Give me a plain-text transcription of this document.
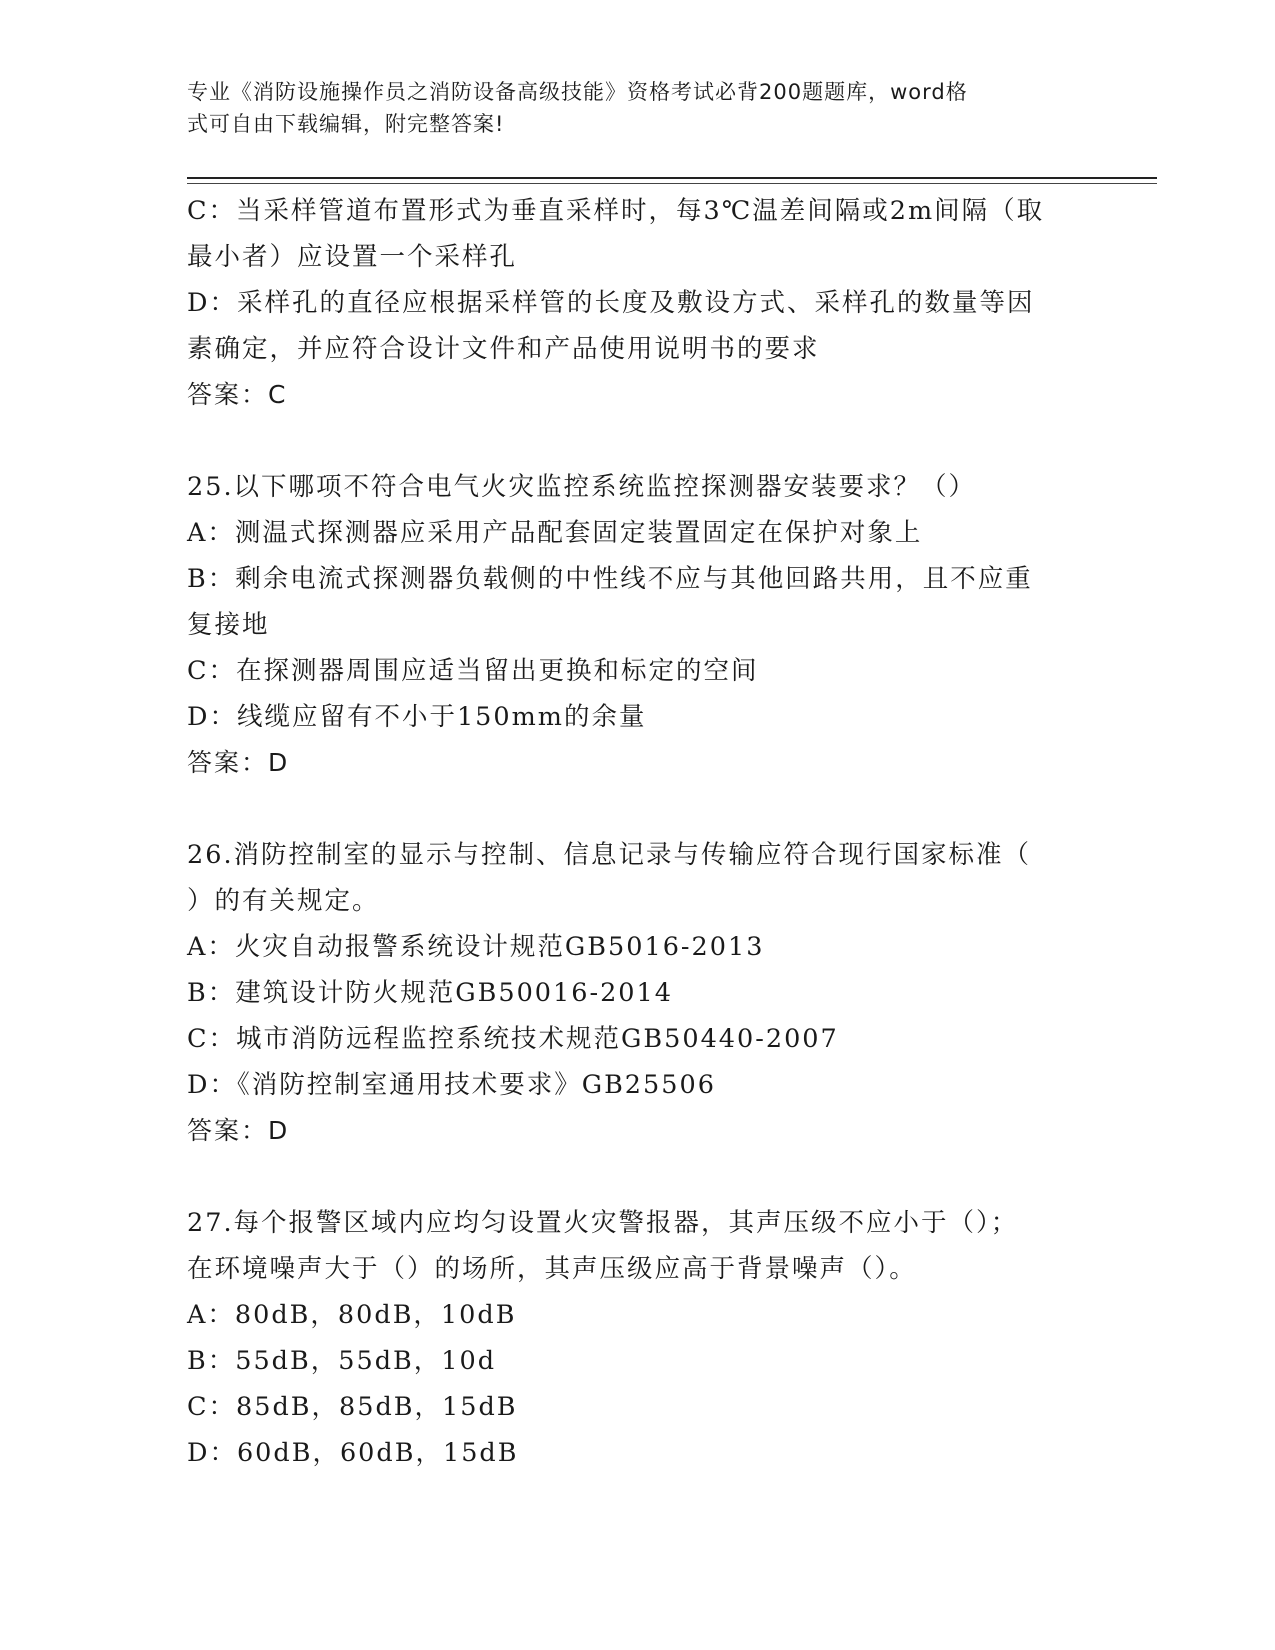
专业《消防设施操作员之消防设备高级技能》资格考试必背200题题库，word格
式可自由下载编辑，附完整答案!

C：当采样管道布置形式为垂直采样时，每3℃温差间隔或2m间隔（取

最小者）应设置一个采样孔

D：采样孔的直径应根据采样管的长度及敷设方式、采样孔的数量等因

素确定，并应符合设计文件和产品使用说明书的要求

答案：C

25.以下哪项不符合电气火灾监控系统监控探测器安装要求？（）

A：测温式探测器应采用产品配套固定装置固定在保护对象上

B：剩余电流式探测器负载侧的中性线不应与其他回路共用，且不应重

复接地

C：在探测器周围应适当留出更换和标定的空间

D：线缆应留有不小于150mm的余量

答案：D

26.消防控制室的显示与控制、信息记录与传输应符合现行国家标准（

）的有关规定。

A：火灾自动报警系统设计规范GB5016-2013

B：建筑设计防火规范GB50016-2014

C：城市消防远程监控系统技术规范GB50440-2007

D：《消防控制室通用技术要求》GB25506

答案：D

27.每个报警区域内应均匀设置火灾警报器，其声压级不应小于（）；

在环境噪声大于（）的场所，其声压级应高于背景噪声（）。

A：80dB，80dB，10dB

B：55dB，55dB，10d

C：85dB，85dB，15dB

D：60dB，60dB，15dB
